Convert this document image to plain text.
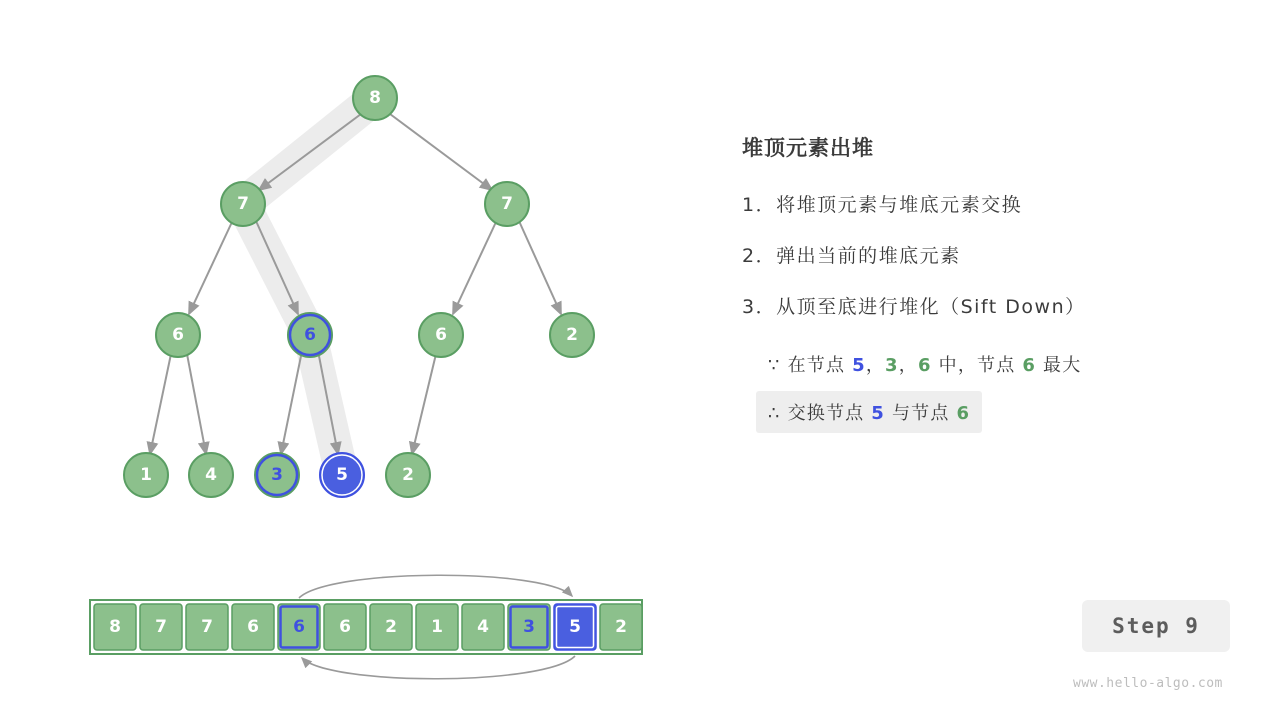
8
7	7
6	6	6	2
1	4	3	5	2
8 7 7 6 6 6 2 1 4 3 5 2
堆顶元素出堆
1．将堆顶元素与堆底元素交换
2．弹出当前的堆底元素
3．从顶至底进行堆化（Sift Down）
∵ 在节点 5，3，6 中，节点 6 最大
∴ 交换节点 5 与节点 6
Step 9
www.hello-algo.com
